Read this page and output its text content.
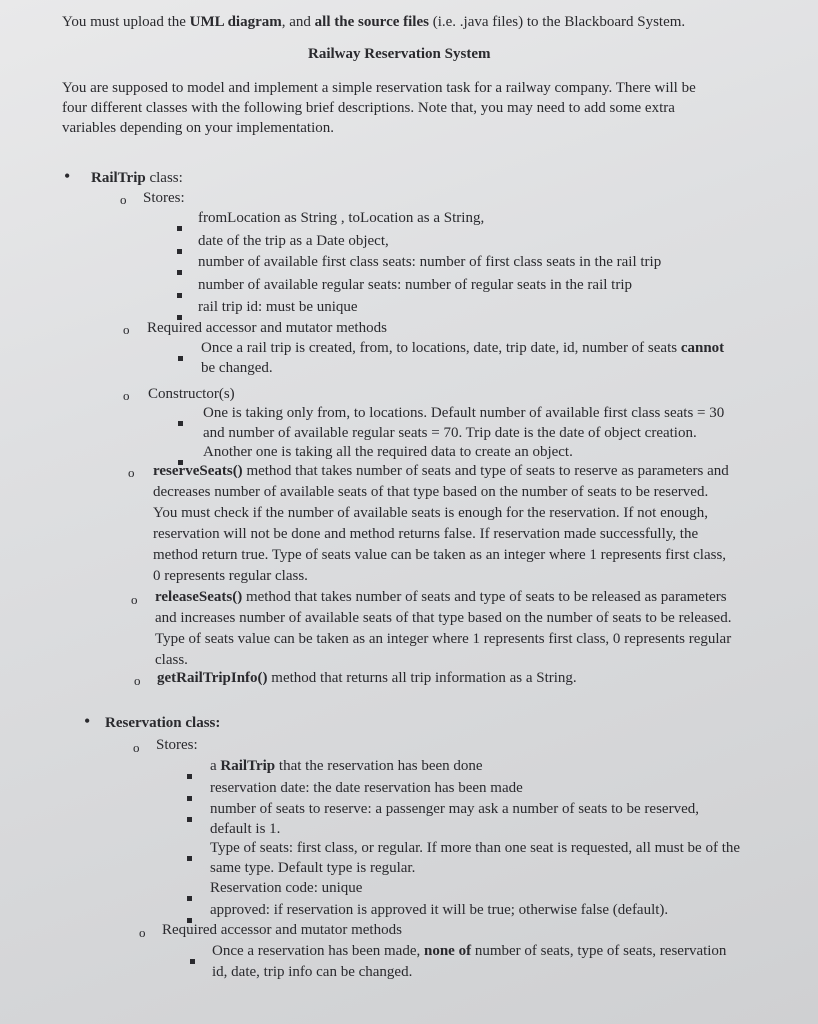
You must upload the UML diagram, and all the source files (i.e. .java files) to the Blackboard System.
Railway Reservation System
You are supposed to model and implement a simple reservation task for a railway company. There will be
four different classes with the following brief descriptions. Note that, you may need to add some extra
variables depending on your implementation.
• RailTrip class:
o Stores:
fromLocation as String , toLocation as a String,
date of the trip as a Date object,
number of available first class seats: number of first class seats in the rail trip
number of available regular seats: number of regular seats in the rail trip
rail trip id: must be unique
o Required accessor and mutator methods
Once a rail trip is created, from, to locations, date, trip date, id, number of seats cannot
be changed.
o Constructor(s)
One is taking only from, to locations. Default number of available first class seats = 30
and number of available regular seats = 70. Trip date is the date of object creation.
Another one is taking all the required data to create an object.
o reserveSeats() method that takes number of seats and type of seats to reserve as parameters and
decreases number of available seats of that type based on the number of seats to be reserved.
You must check if the number of available seats is enough for the reservation. If not enough,
reservation will not be done and method returns false. If reservation made successfully, the
method return true. Type of seats value can be taken as an integer where 1 represents first class,
0 represents regular class.
o releaseSeats() method that takes number of seats and type of seats to be released as parameters
and increases number of available seats of that type based on the number of seats to be released.
Type of seats value can be taken as an integer where 1 represents first class, 0 represents regular
class.
o getRailTripInfo() method that returns all trip information as a String.
• Reservation class:
o Stores:
a RailTrip that the reservation has been done
reservation date: the date reservation has been made
number of seats to reserve: a passenger may ask a number of seats to be reserved,
default is 1.
Type of seats: first class, or regular. If more than one seat is requested, all must be of the
same type. Default type is regular.
Reservation code: unique
approved: if reservation is approved it will be true; otherwise false (default).
o Required accessor and mutator methods
Once a reservation has been made, none of number of seats, type of seats, reservation
id, date, trip info can be changed.
